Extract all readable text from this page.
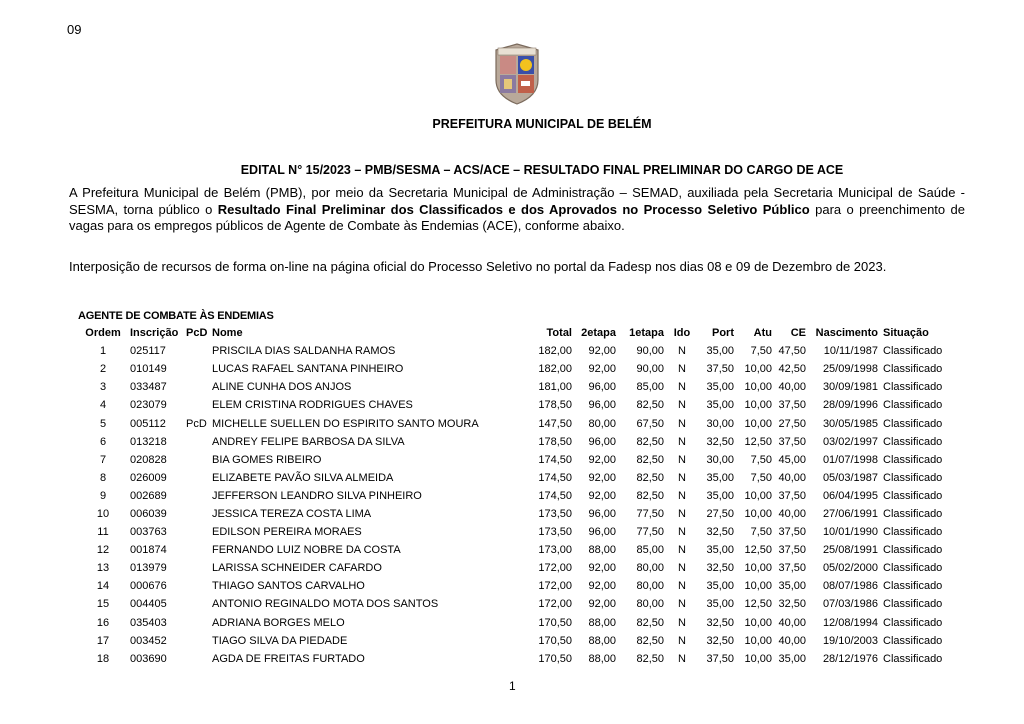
09
PREFEITURA MUNICIPAL DE BELÉM
EDITAL N° 15/2023 – PMB/SESMA – ACS/ACE – RESULTADO FINAL PRELIMINAR DO CARGO DE ACE
A Prefeitura Municipal de Belém (PMB), por meio da Secretaria Municipal de Administração – SEMAD, auxiliada pela Secretaria Municipal de Saúde - SESMA, torna público o Resultado Final Preliminar dos Classificados e dos Aprovados no Processo Seletivo Público para o preenchimento de vagas para os empregos públicos de Agente de Combate às Endemias (ACE), conforme abaixo.
Interposição de recursos de forma on-line na página oficial do Processo Seletivo no portal da Fadesp nos dias 08 e 09 de Dezembro de 2023.
AGENTE DE COMBATE ÀS ENDEMIAS
Ordem	Inscrição	PcD	Nome	Total	2etapa	1etapa	Ido	Port	Atu	CE	Nascimento	Situação
1	025117		PRISCILA DIAS SALDANHA RAMOS	182,00	92,00	90,00	N	35,00	7,50	47,50	10/11/1987	Classificado
2	010149		LUCAS RAFAEL SANTANA PINHEIRO	182,00	92,00	90,00	N	37,50	10,00	42,50	25/09/1998	Classificado
3	033487		ALINE CUNHA DOS ANJOS	181,00	96,00	85,00	N	35,00	10,00	40,00	30/09/1981	Classificado
4	023079		ELEM CRISTINA RODRIGUES CHAVES	178,50	96,00	82,50	N	35,00	10,00	37,50	28/09/1996	Classificado
5	005112	PcD	MICHELLE SUELLEN DO ESPIRITO SANTO MOURA	147,50	80,00	67,50	N	30,00	10,00	27,50	30/05/1985	Classificado
6	013218		ANDREY FELIPE BARBOSA DA SILVA	178,50	96,00	82,50	N	32,50	12,50	37,50	03/02/1997	Classificado
7	020828		BIA GOMES RIBEIRO	174,50	92,00	82,50	N	30,00	7,50	45,00	01/07/1998	Classificado
8	026009		ELIZABETE PAVÃO SILVA ALMEIDA	174,50	92,00	82,50	N	35,00	7,50	40,00	05/03/1987	Classificado
9	002689		JEFFERSON LEANDRO SILVA PINHEIRO	174,50	92,00	82,50	N	35,00	10,00	37,50	06/04/1995	Classificado
10	006039		JESSICA TEREZA COSTA LIMA	173,50	96,00	77,50	N	27,50	10,00	40,00	27/06/1991	Classificado
11	003763		EDILSON PEREIRA MORAES	173,50	96,00	77,50	N	32,50	7,50	37,50	10/01/1990	Classificado
12	001874		FERNANDO LUIZ NOBRE DA COSTA	173,00	88,00	85,00	N	35,00	12,50	37,50	25/08/1991	Classificado
13	013979		LARISSA SCHNEIDER CAFARDO	172,00	92,00	80,00	N	32,50	10,00	37,50	05/02/2000	Classificado
14	000676		THIAGO SANTOS CARVALHO	172,00	92,00	80,00	N	35,00	10,00	35,00	08/07/1986	Classificado
15	004405		ANTONIO REGINALDO MOTA DOS SANTOS	172,00	92,00	80,00	N	35,00	12,50	32,50	07/03/1986	Classificado
16	035403		ADRIANA BORGES MELO	170,50	88,00	82,50	N	32,50	10,00	40,00	12/08/1994	Classificado
17	003452		TIAGO SILVA DA PIEDADE	170,50	88,00	82,50	N	32,50	10,00	40,00	19/10/2003	Classificado
18	003690		AGDA DE FREITAS FURTADO	170,50	88,00	82,50	N	37,50	10,00	35,00	28/12/1976	Classificado
1
